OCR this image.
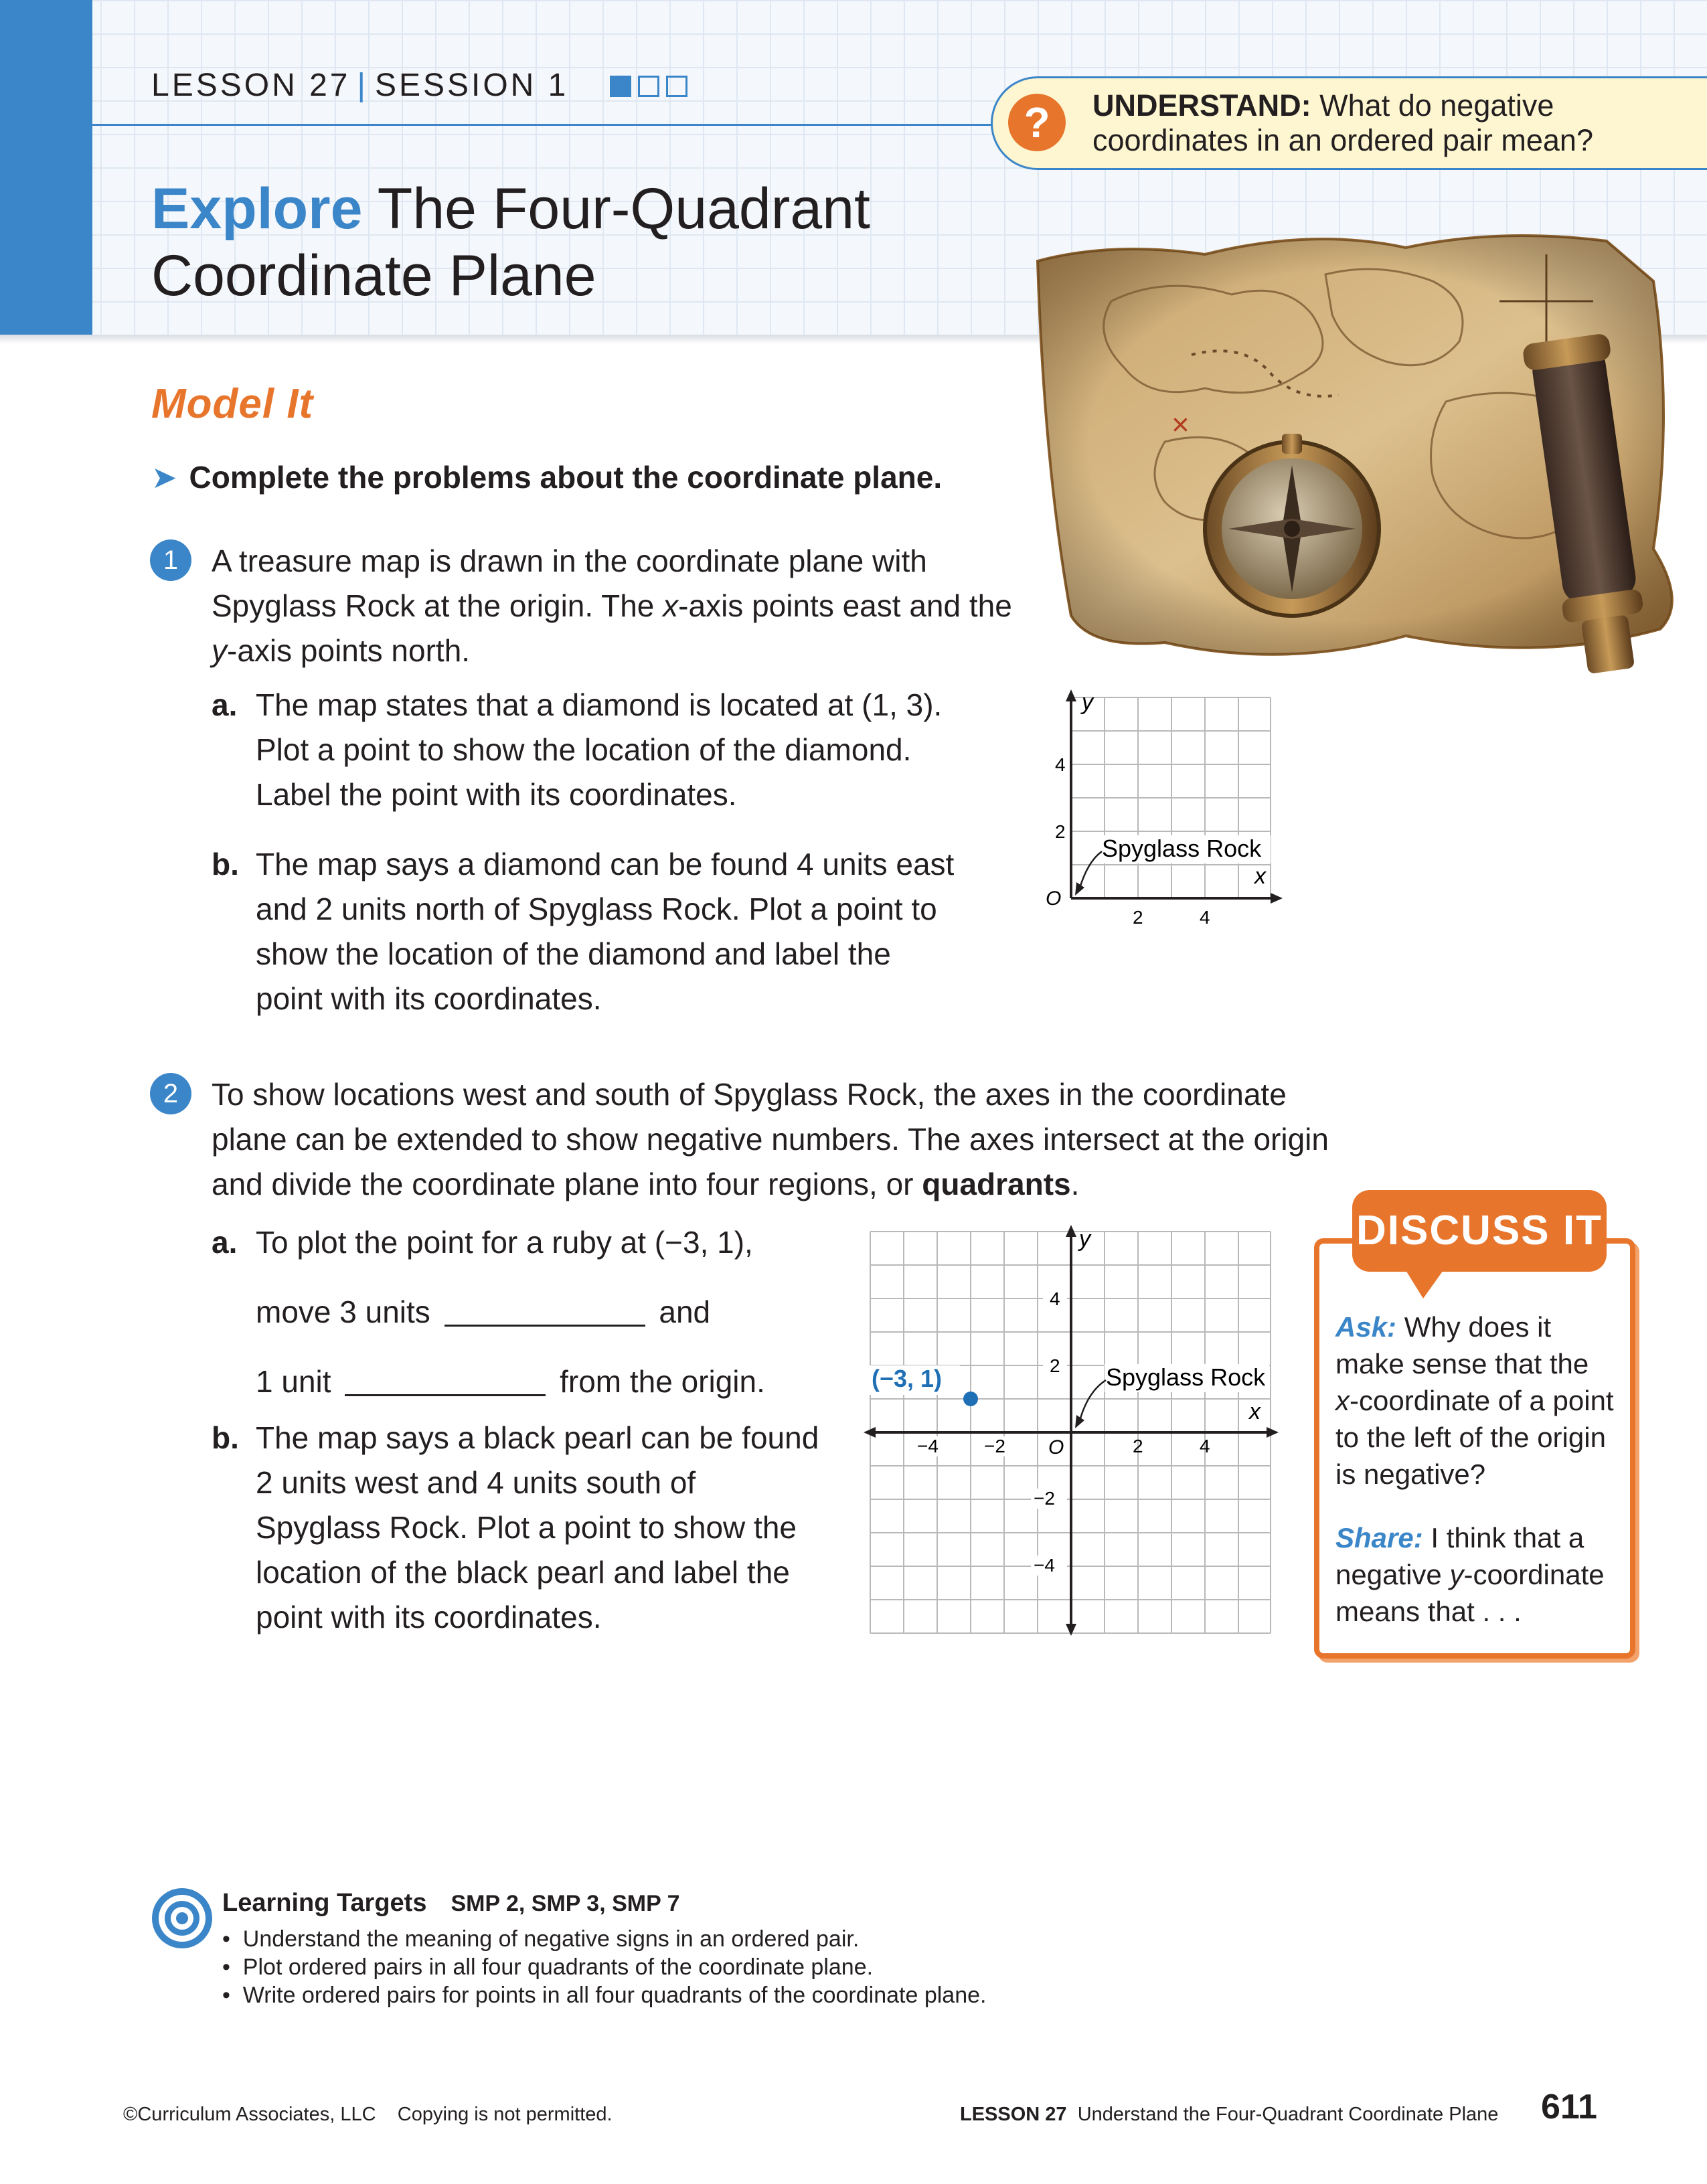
LESSON 27 | SESSION 1
?	UNDERSTAND: What do negative
coordinates in an ordered pair mean?
Explore The Four-Quadrant
Coordinate Plane
×
Model It
➤ Complete the problems about the coordinate plane.
1	A treasure map is drawn in the coordinate plane with
Spyglass Rock at the origin. The x-axis points east and the
y-axis points north.
a. The map states that a diamond is located at (1, 3).
Plot a point to show the location of the diamond.
Label the point with its coordinates.
b. The map says a diamond can be found 4 units east
and 2 units north of Spyglass Rock. Plot a point to
show the location of the diamond and label the
point with its coordinates.
y
x
O
4
2
2	4
Spyglass Rock
2	To show locations west and south of Spyglass Rock, the axes in the coordinate
plane can be extended to show negative numbers. The axes intersect at the origin
and divide the coordinate plane into four regions, or quadrants.
a. To plot the point for a ruby at (−3, 1),
move 3 units	and
1 unit	from the origin.
b. The map says a black pearl can be found
2 units west and 4 units south of
Spyglass Rock. Plot a point to show the
location of the black pearl and label the
point with its coordinates.
y
x
O
4
2
−2
−4
−4 −2	2	4
Spyglass Rock
(−3, 1)
DISCUSS IT
Ask: Why does it
make sense that the
x-coordinate of a point
to the left of the origin
is negative?
Share: I think that a
negative y-coordinate
means that . . .
Learning Targets SMP 2, SMP 3, SMP 7
•  Understand the meaning of negative signs in an ordered pair.
•  Plot ordered pairs in all four quadrants of the coordinate plane.
•  Write ordered pairs for points in all four quadrants of the coordinate plane.
©Curriculum Associates, LLC Copying is not permitted.	LESSON 27 Understand the Four-Quadrant Coordinate Plane 611
